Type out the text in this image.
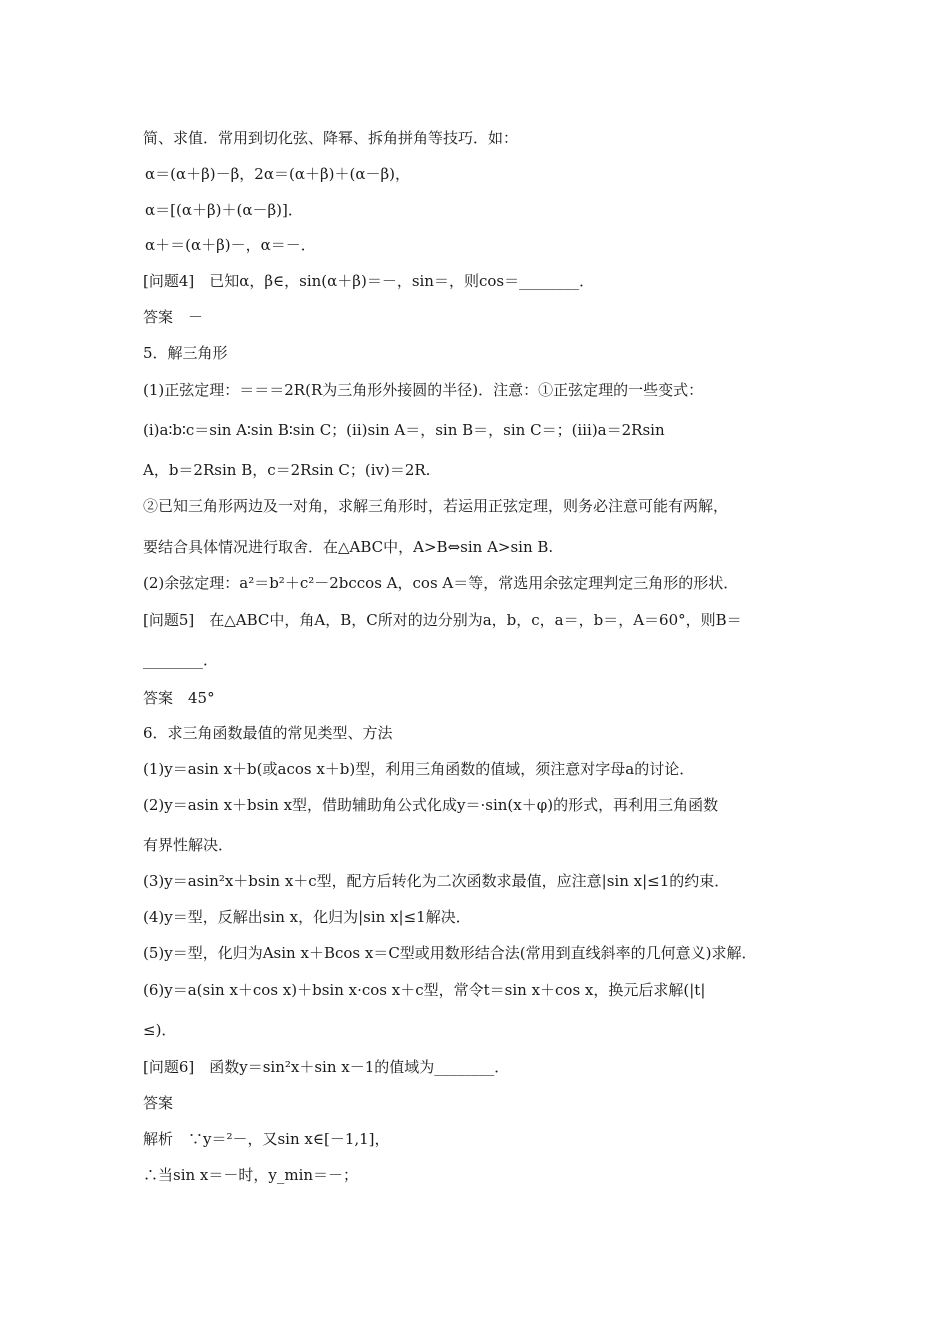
简、求值．常用到切化弦、降幂、拆角拼角等技巧．如：
α＝(α＋β)－β，2α＝(α＋β)＋(α－β)，
α＝[(α＋β)＋(α－β)]．
α＋＝(α＋β)－，α＝－．
[问题4]　已知α，β∈，sin(α＋β)＝－，sin＝，则cos＝________．
答案　－
5．解三角形
(1)正弦定理：＝＝＝2R(R为三角形外接圆的半径)．注意：①正弦定理的一些变式：
(ⅰ)a∶b∶c＝sin A∶sin B∶sin C；(ⅱ)sin A＝，sin B＝，sin C＝；(ⅲ)a＝2Rsin
A，b＝2Rsin B，c＝2Rsin C；(ⅳ)＝2R.
②已知三角形两边及一对角，求解三角形时，若运用正弦定理，则务必注意可能有两解，
要结合具体情况进行取舍．在△ABC中，A>B⇔sin A>sin B.
(2)余弦定理：a²＝b²＋c²－2bccos A，cos A＝等，常选用余弦定理判定三角形的形状．
[问题5]　在△ABC中，角A，B，C所对的边分别为a，b，c，a＝，b＝，A＝60°，则B＝
________．
答案　45°
6．求三角函数最值的常见类型、方法
(1)y＝asin x＋b(或acos x＋b)型，利用三角函数的值域，须注意对字母a的讨论．
(2)y＝asin x＋bsin x型，借助辅助角公式化成y＝·sin(x＋φ)的形式，再利用三角函数
有界性解决．
(3)y＝asin²x＋bsin x＋c型，配方后转化为二次函数求最值，应注意|sin x|≤1的约束．
(4)y＝型，反解出sin x，化归为|sin x|≤1解决．
(5)y＝型，化归为Asin x＋Bcos x＝C型或用数形结合法(常用到直线斜率的几何意义)求解．
(6)y＝a(sin x＋cos x)＋bsin x·cos x＋c型，常令t＝sin x＋cos x，换元后求解(|t|
≤)．
[问题6]　函数y＝sin²x＋sin x－1的值域为________．
答案
解析　∵y＝²－，又sin x∈[－1,1]，
∴当sin x＝－时，y_min＝－；
